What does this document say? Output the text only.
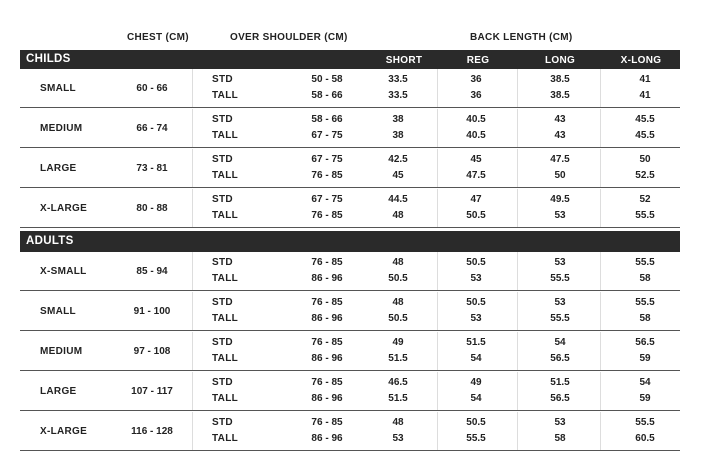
CHEST (CM)	OVER SHOULDER (CM)	BACK LENGTH (CM)
CHILDS	SHORT	REG	LONG	X-LONG
SMALL	60 - 66
STD	50 - 58	33.5	36	38.5	41
TALL	58 - 66	33.5	36	38.5	41
MEDIUM	66 - 74
STD	58 - 66	38	40.5	43	45.5
TALL	67 - 75	38	40.5	43	45.5
LARGE	73 - 81
STD	67 - 75	42.5	45	47.5	50
TALL	76 - 85	45	47.5	50	52.5
X-LARGE	80 - 88
STD	67 - 75	44.5	47	49.5	52
TALL	76 - 85	48	50.5	53	55.5
ADULTS
X-SMALL	85 - 94
STD	76 - 85	48	50.5	53	55.5
TALL	86 - 96	50.5	53	55.5	58
SMALL	91 - 100
STD	76 - 85	48	50.5	53	55.5
TALL	86 - 96	50.5	53	55.5	58
MEDIUM	97 - 108
STD	76 - 85	49	51.5	54	56.5
TALL	86 - 96	51.5	54	56.5	59
LARGE	107 - 117
STD	76 - 85	46.5	49	51.5	54
TALL	86 - 96	51.5	54	56.5	59
X-LARGE	116 - 128
STD	76 - 85	48	50.5	53	55.5
TALL	86 - 96	53	55.5	58	60.5
